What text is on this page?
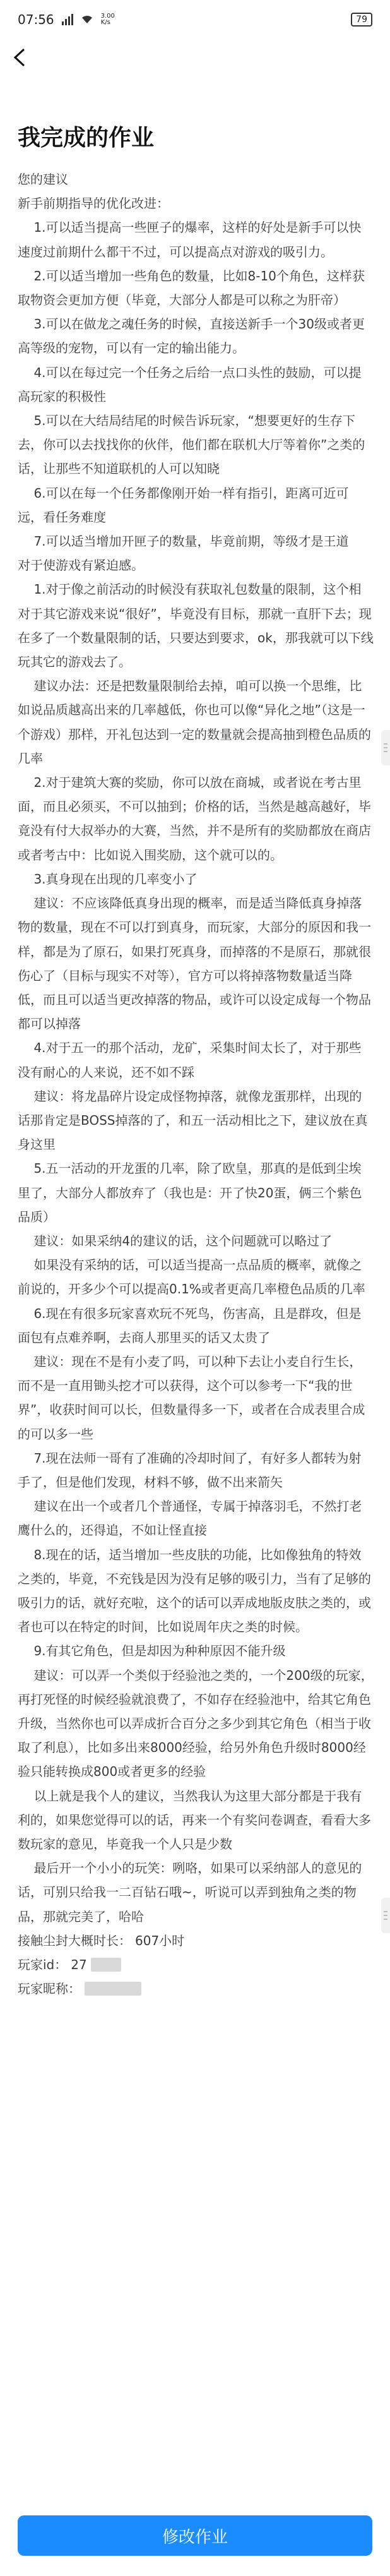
07:56	3.00 K/s	79
我完成的作业

您的建议

新手前期指导的优化改进：

1.可以适当提高一些匣子的爆率，这样的好处是新手可以快速度过前期什么都干不过，可以提高点对游戏的吸引力。

2.可以适当增加一些角色的数量，比如8-10个角色，这样获取物资会更加方便（毕竟，大部分人都是可以称之为肝帝）

3.可以在做龙之魂任务的时候，直接送新手一个30级或者更高等级的宠物，可以有一定的输出能力。

4.可以在每过完一个任务之后给一点口头性的鼓励，可以提高玩家的积极性

5.可以在大结局结尾的时候告诉玩家，“想要更好的生存下去，你可以去找找你的伙伴，他们都在联机大厅等着你”之类的话，让那些不知道联机的人可以知晓

6.可以在每一个任务都像刚开始一样有指引，距离可近可远，看任务难度

7.可以适当增加开匣子的数量，毕竟前期，等级才是王道

对于使游戏有紧迫感。

1.对于像之前活动的时候没有获取礼包数量的限制，这个相对于其它游戏来说“很好”，毕竟没有目标，那就一直肝下去；现在多了一个数量限制的话，只要达到要求，ok，那我就可以下线玩其它的游戏去了。

建议办法：还是把数量限制给去掉，咱可以换一个思维，比如说品质越高出来的几率越低，你也可以像“异化之地”（这是一个游戏）那样，开礼包达到一定的数量就会提高抽到橙色品质的几率

2.对于建筑大赛的奖励，你可以放在商城，或者说在考古里面，而且必须买，不可以抽到；价格的话，当然是越高越好，毕竟没有付大叔举办的大赛，当然，并不是所有的奖励都放在商店或者考古中：比如说入围奖励，这个就可以的。

3.真身现在出现的几率变小了

建议：不应该降低真身出现的概率，而是适当降低真身掉落物的数量，现在不可以打到真身，而玩家，大部分的原因和我一样，都是为了原石，如果打死真身，而掉落的不是原石，那就很伤心了（目标与现实不对等），官方可以将掉落物数量适当降低，而且可以适当更改掉落的物品，或许可以设定成每一个物品都可以掉落

4.对于五一的那个活动，龙矿，采集时间太长了，对于那些没有耐心的人来说，还不如不踩

建议：将龙晶碎片设定成怪物掉落，就像龙蛋那样，出现的话那肯定是BOSS掉落的了，和五一活动相比之下，建议放在真身这里

5.五一活动的开龙蛋的几率，除了欧皇，那真的是低到尘埃里了，大部分人都放弃了（我也是：开了快20蛋，俩三个紫色品质）

建议：如果采纳4的建议的话，这个问题就可以略过了

如果没有采纳的话，可以适当提高一点品质的概率，就像之前说的，开多少个可以提高0.1%或者更高几率橙色品质的几率

6.现在有很多玩家喜欢玩不死鸟，伤害高，且是群攻，但是面包有点难养啊，去商人那里买的话又太贵了

建议：现在不是有小麦了吗，可以种下去让小麦自行生长，而不是一直用锄头挖才可以获得，这个可以参考一下“我的世界”，收获时间可以长，但数量得多一下，或者在合成表里合成的可以多一些

7.现在法师一哥有了准确的冷却时间了，有好多人都转为射手了，但是他们发现，材料不够，做不出来箭矢

建议在出一个或者几个普通怪，专属于掉落羽毛，不然打老鹰什么的，还得追，不如让怪直接

8.现在的话，适当增加一些皮肤的功能，比如像独角的特效之类的，毕竟，不充钱是因为没有足够的吸引力，当有了足够的吸引力的话，就好充啦，这个的话可以弄成地版皮肤之类的，或者也可以在特定的时间，比如说周年庆之类的时候。

9.有其它角色，但是却因为种种原因不能升级

建议：可以弄一个类似于经验池之类的，一个200级的玩家，再打死怪的时候经验就浪费了，不如存在经验池中，给其它角色升级，当然你也可以弄成折合百分之多少到其它角色（相当于收取了利息），比如多出来8000经验，给另外角色升级时8000经验只能转换成800或者更多的经验

以上就是我个人的建议，当然我认为这里大部分都是于我有利的，如果您觉得可以的话，再来一个有奖问卷调查，看看大多数玩家的意见，毕竟我一个人只是少数

最后开一个小小的玩笑：咧咯，如果可以采纳部人的意见的话，可别只给我一二百钻石哦~，听说可以弄到独角之类的物品，那就完美了，哈哈

接触尘封大概时长： 607小时
玩家id： 27
玩家昵称：
修改作业
